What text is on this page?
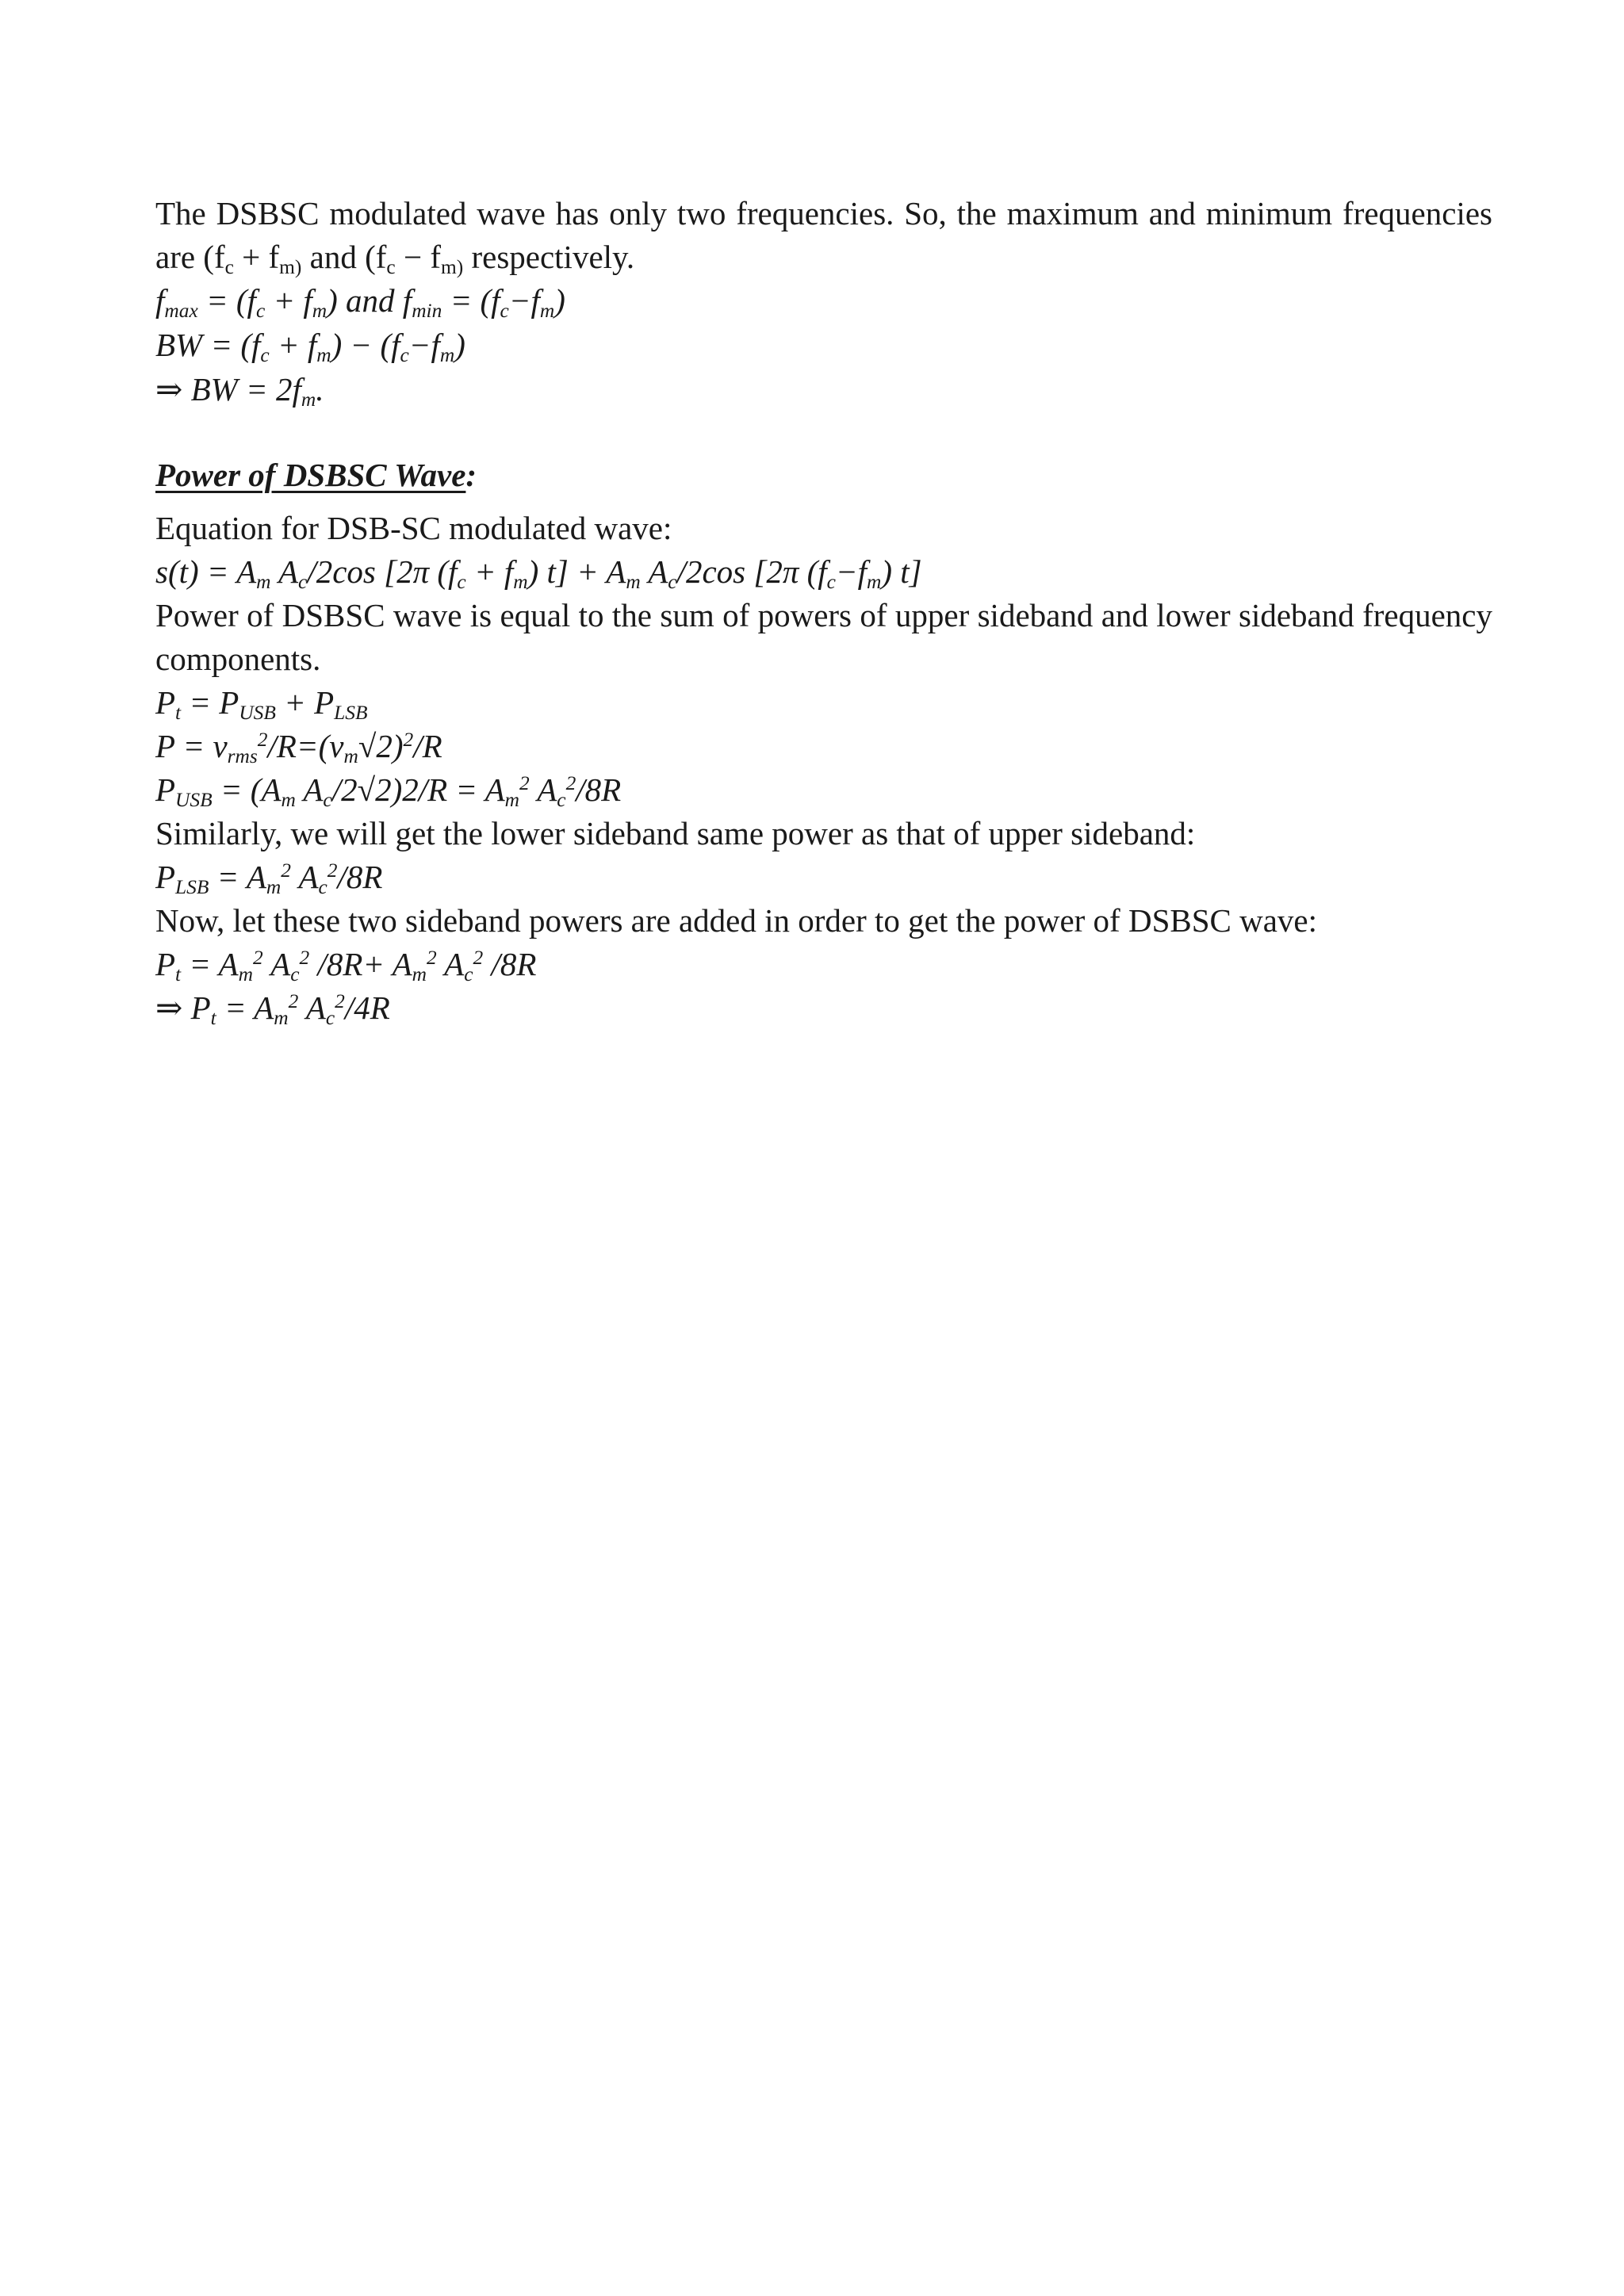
The DSBSC modulated wave has only two frequencies. So, the maximum and minimum frequencies
are ($f_c + f_{m)}$ and ($f_c - f_{m)}$ respectively.
$f_{max} = (f_c + f_m)$ and $f_{min} = (f_c-f_m)$
BW = $(f_c + f_m) - (f_c-f_m)$
⇒ BW = $2f_m$.
Power of DSBSC Wave:
Equation for DSB-SC modulated wave:
$s(t) = A_m$ $A_c/2\cos$ [2π $(f_c + f_m) t] + A_m$ $A_c/2\cos$ [2π $(f_c-f_m)$ t]
Power of DSBSC wave is equal to the sum of powers of upper sideband and lower sideband frequency
components.
$P_t = P_{USB} + P_{LSB}$
$P = v_{rms}^2/R=(v_m√2)^2/R$
$P_{USB} = (A_m$ $A_c/2√2)2/R = A_m^2$ $A_c^2/8R$
Similarly, we will get the lower sideband same power as that of upper sideband:
$P_{LSB} = A_m^2$ $A_c^2/8R$
Now, let these two sideband powers are added in order to get the power of DSBSC wave:
$P_t = A_m^2$ $A_c^2$ $/8R+ A_m^2$ $A_c^2$ /8R
⇒ $P_t = A_m^2$ $A_c^2/4R$
